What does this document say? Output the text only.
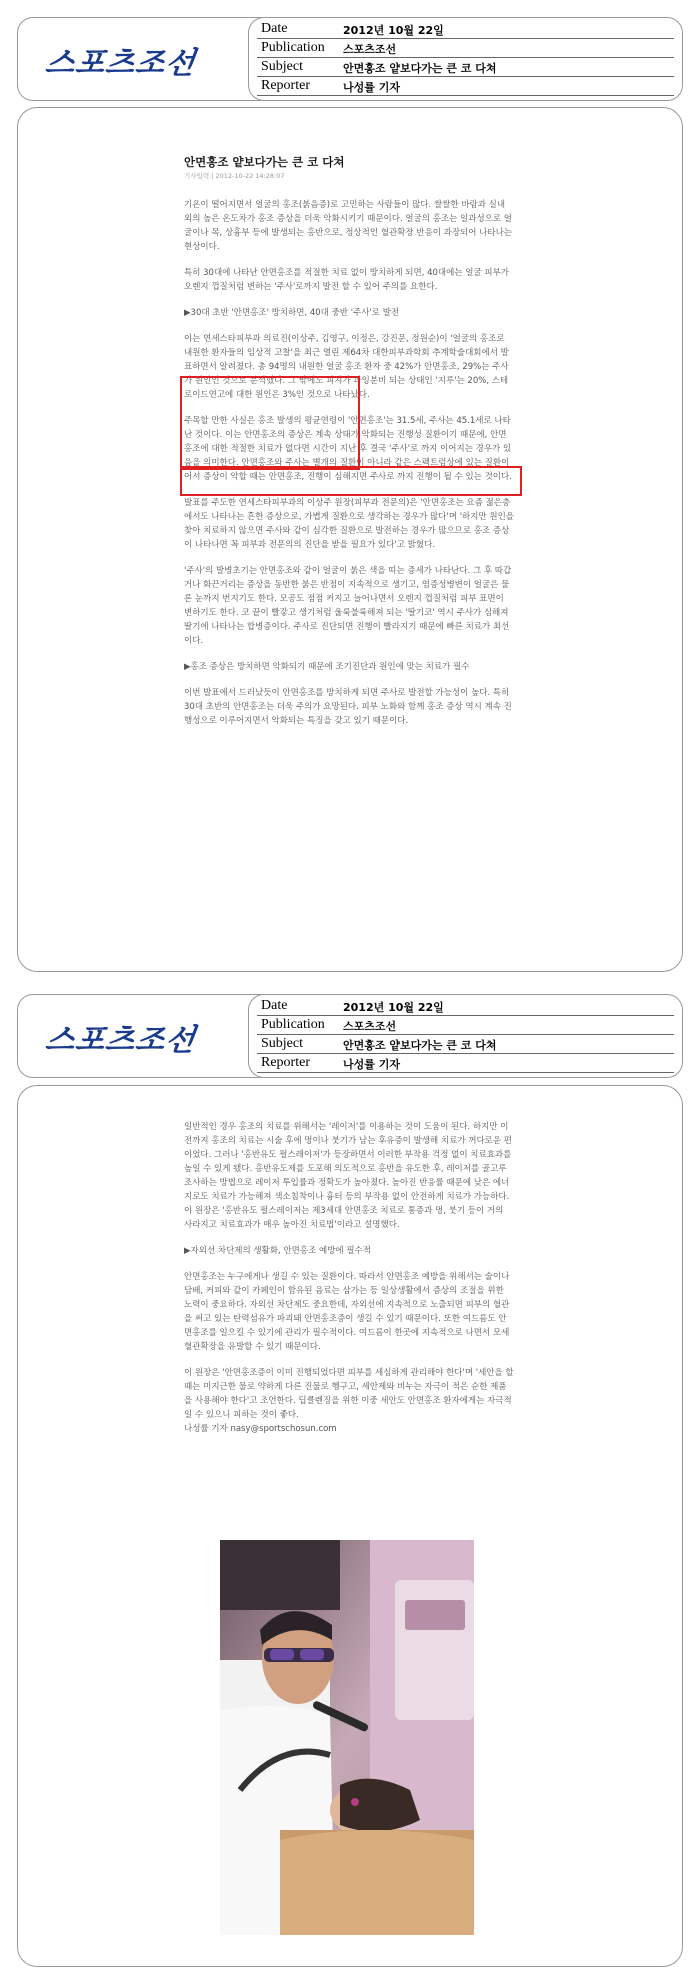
스포츠조선
Date	2012년 10월 22일
Publication 스포츠조선
Subject	안면홍조 얕보다가는 큰 코 다쳐
Reporter	나성률 기자
안면홍조 얕보다가는 큰 코 다쳐
기사입력 | 2012-10-22 14:28:07

기온이 떨어지면서 얼굴의 홍조(붉음증)로 고민하는 사람들이 많다. 쌀쌀한 바람과 실내 외의 높은 온도차가 홍조 증상을 더욱 악화시키기 때문이다. 얼굴의 홍조는 일과성으로 얼굴이나 목, 상흉부 등에 발생되는 홍반으로, 정상적인 혈관확장 반응이 과장되어 나타나는 현상이다.

특히 30대에 나타난 안면홍조를 적절한 치료 없이 방치하게 되면, 40대에는 얼굴 피부가 오렌지 껍질처럼 변하는 '주사'로까지 발전 할 수 있어 주의를 요한다.

▶30대 초반 '안면홍조' 방치하면, 40대 중반 '주사'로 발전

이는 연세스타피부과 의료진(이상주, 김영구, 이정은, 강진문, 정원순)이 '얼굴의 홍조로 내원한 환자들의 임상적 고찰'을 최근 열린 제64차 대한피부과학회 추계학술대회에서 발표하면서 알려졌다. 총 94명의 내원한 얼굴 홍조 환자 중 42%가 안면홍조, 29%는 주사가 원인인 것으로 분석했다. 그 밖에도 피지가 과잉분비 되는 상태인 '지루'는 20%, 스테로이드연고에 대한 원인은 3%인 것으로 나타났다.

주목할 만한 사실은 홍조 발생의 평균연령이 '안면홍조'는 31.5세, 주사는 45.1세로 나타난 것이다. 이는 안면홍조의 증상은 계속 상태가 악화되는 진행성 질환이기 때문에, 안면홍조에 대한 적절한 치료가 없다면 시간이 지난 후 결국 '주사'로 까지 이어지는 경우가 있음을 의미한다. 안면홍조와 주사는 별개의 질환이 아니라 같은 스펙트럼상에 있는 질환이어서 증상이 악할 때는 안면홍조, 진행이 심해지면 주사로 까지 진행이 될 수 있는 것이다.

발표를 주도한 연세스타피부과의 이상주 원장(피부과 전문의)은 '안면홍조는 요즘 젊은층에서도 나타나는 흔한 증상으로, 가볍게 질환으로 생각하는 경우가 많다'며 '하지만 원인을 찾아 치료하지 않으면 주사와 같이 심각한 질환으로 발전하는 경우가 많으므로 홍조 증상이 나타나면 꼭 피부과 전문의의 진단을 받을 필요가 있다'고 밝혔다.

'주사'의 발병초기는 안면홍조와 같이 얼굴이 붉은 색을 띠는 증세가 나타난다. 그 후 따갑거나 화끈거리는 증상을 동반한 붉은 반점이 지속적으로 생기고, 염증성병변이 얼굴은 물론 눈까지 번지기도 한다. 모공도 점점 커지고 늘어나면서 오렌지 껍질처럼 피부 표면이 변하기도 한다. 코 끝이 빨갛고 생기처럼 울룩불룩해져 되는 '딸기코' 역시 주사가 심해져 딸기에 나타나는 합병증이다. 주사로 진단되면 진행이 빨라지기 때문에 빠른 치료가 최선이다.

▶홍조 증상은 방치하면 악화되기 때문에 조기진단과 원인에 맞는 치료가 필수

이번 발표에서 드러났듯이 안면홍조를 방치하게 되면 주사로 발전할 가능성이 높다. 특히 30대 초반의 안면홍조는 더욱 주의가 요망된다. 피부 노화와 함께 홍조 증상 역시 계속 진행성으로 이루어지면서 악화되는 특징을 갖고 있기 때문이다.

스포츠조선
Date	2012년 10월 22일
Publication 스포츠조선
Subject	안면홍조 얕보다가는 큰 코 다쳐
Reporter	나성률 기자

일반적인 경우 홍조의 치료를 위해서는 '레이저'를 이용하는 것이 도움이 된다. 하지만 이전까지 홍조의 치료는 시술 후에 멍이나 붓기가 남는 후유증이 발생해 치료가 꺼다로운 편이었다. 그러나 '홍반유도 펄스레이저'가 등장하면서 이러한 부작용 걱정 없이 치료효과를 높일 수 있게 됐다. 홍반유도제를 도포해 의도적으로 홍반을 유도한 후, 레이저를 골고루 조사하는 방법으로 레이저 투입률과 정확도가 높아졌다. 높아진 반응률 때문에 낮은 에너지로도 치료가 가능해져 색소침착이나 흉터 등의 부작용 없이 안전하게 치료가 가능하다. 이 원장은 '홍반유도 펄스레이저는 제3세대 안면홍조 치료로 통증과 멍, 붓기 등이 거의 사라지고 치료효과가 매우 높아진 치료법'이라고 설명했다.

▶자외선 차단제의 생활화, 안면홍조 예방에 필수적

안면홍조는 누구에게나 생길 수 있는 질환이다. 따라서 안면홍조 예방을 위해서는 술이나 담배, 커피와 같이 카페인이 함유된 음료는 삼가는 등 일상생활에서 증상의 조절을 위한 노력이 중요하다. 자외선 차단제도 중요한데, 자외선에 지속적으로 노출되면 피부의 혈관을 써고 있는 탄력섬유가 파괴돼 안면홍조증이 생길 수 있기 때문이다. 또한 여드름도 안면홍조를 일으킬 수 있기에 관리가 필수적이다. 여드름이 한곳에 지속적으로 나면서 모세혈관확장을 유발할 수 있기 때문이다.

이 원장은 '안면홍조증이 이미 진행되었다면 피부를 세심하게 관리해야 한다'며 '세안을 할 때는 미지근한 물로 약하게 다른 진물로 헹구고, 세안제와 비누는 자극이 적은 순한 제품을 사용해야 한다'고 조언한다. 딥클렌징을 위한 이중 세안도 안면홍조 환자에게는 자극적일 수 있으니 피하는 것이 좋다.

나성률 기자 nasy@sportschosun.com
